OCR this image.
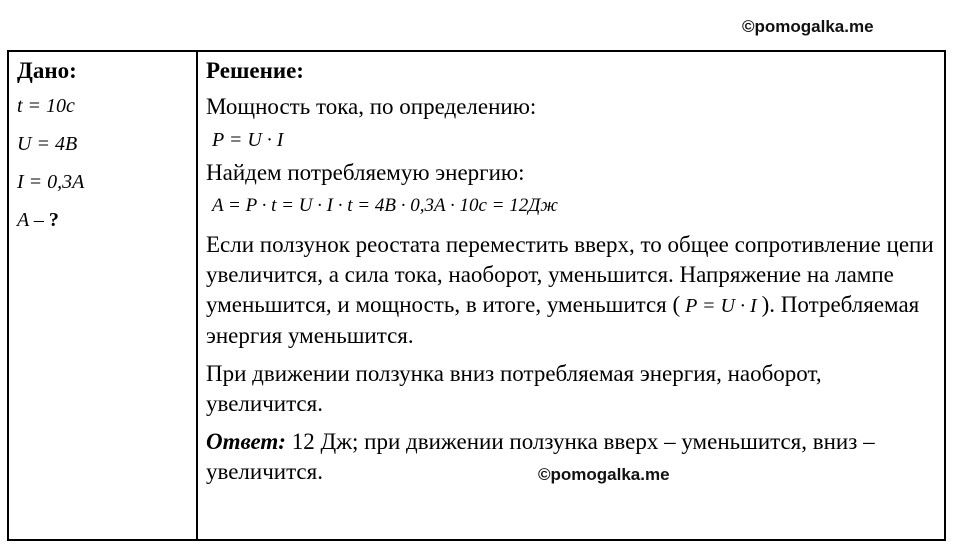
©pomogalka.me
Дано:
t = 10c
U = 4B
I = 0,3A
A – ?
Решение:

Мощность тока, по определению:

P = U · I

Найдем потребляемую энергию:

A = P · t = U · I · t = 4B · 0,3A · 10c = 12Дж

Если ползунок реостата переместить вверх, то общее сопротивление цепи увеличится, а сила тока, наоборот, уменьшится. Напряжение на лампе уменьшится, и мощность, в итоге, уменьшится ( P = U · I ). Потребляемая энергия уменьшится.

При движении ползунка вниз потребляемая энергия, наоборот, увеличится.

Ответ: 12 Дж; при движении ползунка вверх – уменьшится, вниз – увеличится.	©pomogalka.me
